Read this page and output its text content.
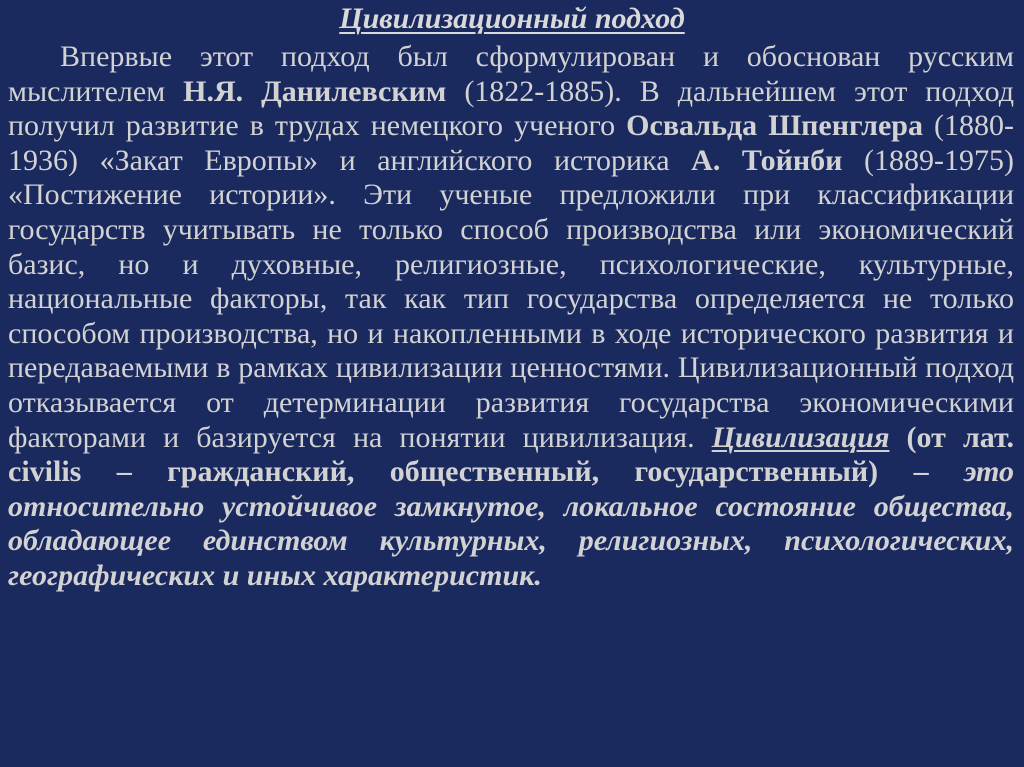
Цивилизационный подход

Впервые этот подход был сформулирован и обоснован русским мыслителем Н.Я. Данилевским (1822-1885). В дальнейшем этот подход получил развитие в трудах немецкого ученого Освальда Шпенглера (1880-1936) «Закат Европы» и английского историка А. Тойнби (1889-1975) «Постижение истории». Эти ученые предложили при классификации государств учитывать не только способ производства или экономический базис, но и духовные, религиозные, психологические, культурные, национальные факторы, так как тип государства определяется не только способом производства, но и накопленными в ходе исторического развития и передаваемыми в рамках цивилизации ценностями. Цивилизационный подход отказывается от детерминации развития государства экономическими факторами и базируется на понятии цивилизация. Цивилизация (от лат. civilis – гражданский, общественный, государственный) – это относительно устойчивое замкнутое, локальное состояние общества, обладающее единством культурных, религиозных, психологических, географических и иных характеристик.
